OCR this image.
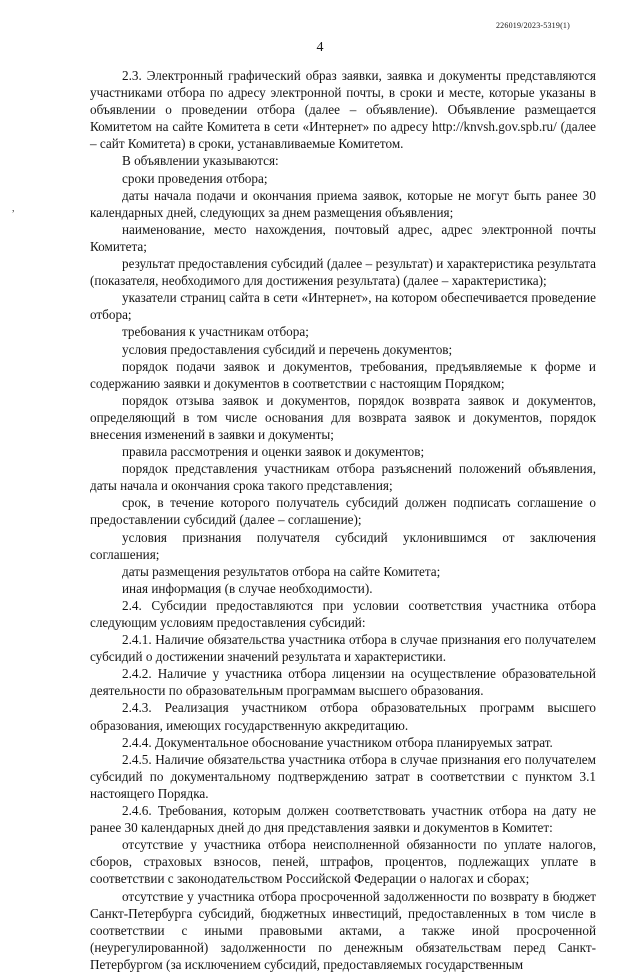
226019/2023-5319(1)
4
,

2.3. Электронный графический образ заявки, заявка и документы представляются участниками отбора по адресу электронной почты, в сроки и месте, которые указаны в объявлении о проведении отбора (далее – объявление). Объявление размещается Комитетом на сайте Комитета в сети «Интернет» по адресу http://knvsh.gov.spb.ru/ (далее – сайт Комитета) в сроки, устанавливаемые Комитетом.

В объявлении указываются:

сроки проведения отбора;

даты начала подачи и окончания приема заявок, которые не могут быть ранее 30 календарных дней, следующих за днем размещения объявления;

наименование, место нахождения, почтовый адрес, адрес электронной почты Комитета;

результат предоставления субсидий (далее – результат) и характеристика результата (показателя, необходимого для достижения результата) (далее – характеристика);

указатели страниц сайта в сети «Интернет», на котором обеспечивается проведение отбора;

требования к участникам отбора;

условия предоставления субсидий и перечень документов;

порядок подачи заявок и документов, требования, предъявляемые к форме и содержанию заявки и документов в соответствии с настоящим Порядком;

порядок отзыва заявок и документов, порядок возврата заявок и документов, определяющий в том числе основания для возврата заявок и документов, порядок внесения изменений в заявки и документы;

правила рассмотрения и оценки заявок и документов;

порядок представления участникам отбора разъяснений положений объявления, даты начала и окончания срока такого представления;

срок, в течение которого получатель субсидий должен подписать соглашение о предоставлении субсидий (далее – соглашение);

условия признания получателя субсидий уклонившимся от заключения соглашения;

даты размещения результатов отбора на сайте Комитета;

иная информация (в случае необходимости).

2.4. Субсидии предоставляются при условии соответствия участника отбора следующим условиям предоставления субсидий:

2.4.1. Наличие обязательства участника отбора в случае признания его получателем субсидий о достижении значений результата и характеристики.

2.4.2. Наличие у участника отбора лицензии на осуществление образовательной деятельности по образовательным программам высшего образования.

2.4.3. Реализация участником отбора образовательных программ высшего образования, имеющих государственную аккредитацию.

2.4.4. Документальное обоснование участником отбора планируемых затрат.

2.4.5. Наличие обязательства участника отбора в случае признания его получателем субсидий по документальному подтверждению затрат в соответствии с пунктом 3.1 настоящего Порядка.

2.4.6. Требования, которым должен соответствовать участник отбора на дату не ранее 30 календарных дней до дня представления заявки и документов в Комитет:

отсутствие у участника отбора неисполненной обязанности по уплате налогов, сборов, страховых взносов, пеней, штрафов, процентов, подлежащих уплате в соответствии с законодательством Российской Федерации о налогах и сборах;

отсутствие у участника отбора просроченной задолженности по возврату в бюджет Санкт-Петербурга субсидий, бюджетных инвестиций, предоставленных в том числе в соответствии с иными правовыми актами, а также иной просроченной (неурегулированной) задолженности по денежным обязательствам перед Санкт-Петербургом (за исключением субсидий, предоставляемых государственным
